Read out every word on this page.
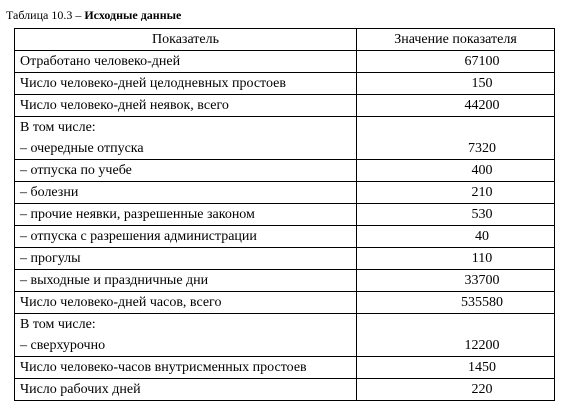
Таблица 10.3 – Исходные данные
Показатель	Значение показателя
Отработано человеко-дней	67100
Число человеко-дней целодневных простоев	150
Число человеко-дней неявок, всего	44200
В том числе:	
– очередные отпуска	7320
– отпуска по учебе	400
– болезни	210
– прочие неявки, разрешенные законом	530
– отпуска с разрешения администрации	40
– прогулы	110
– выходные и праздничные дни	33700
Число человеко-дней часов, всего	535580
В том числе:	
– сверхурочно	12200
Число человеко-часов внутрисменных простоев	1450
Число рабочих дней	220
